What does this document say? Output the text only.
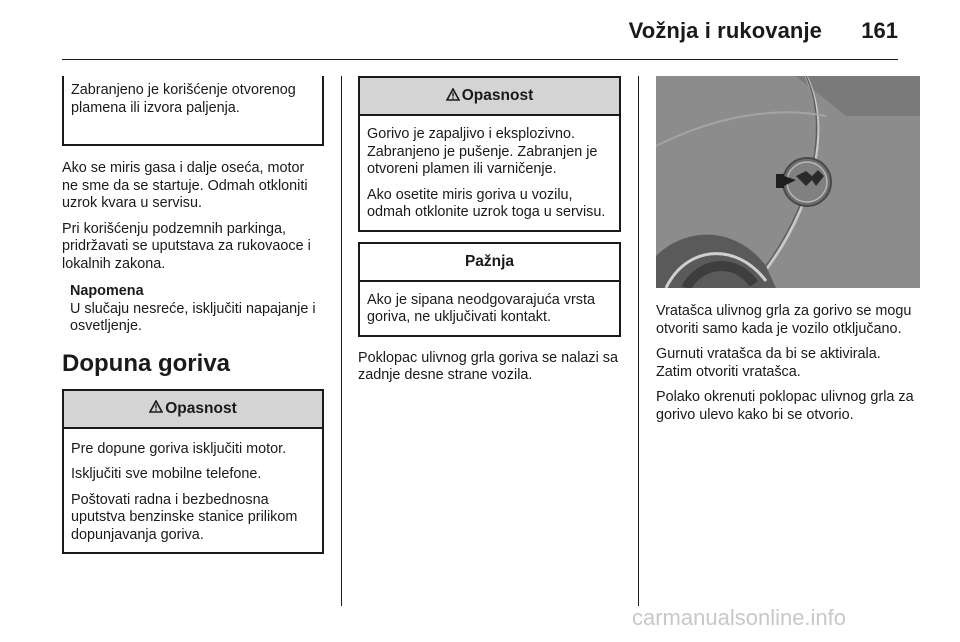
Vožnja i rukovanje 161

Zabranjeno je korišćenje otvorenog plamena ili izvora paljenja.

Ako se miris gasa i dalje oseća, motor ne sme da se startuje. Odmah otkloniti uzrok kvara u servisu.

Pri korišćenju podzemnih parkinga, pridržavati se uputstava za rukovaoce i lokalnih zakona.

Napomena

U slučaju nesreće, isključiti napajanje i osvetljenje.

Dopuna goriva
Opasnost

Pre dopune goriva isključiti motor.

Isključiti sve mobilne telefone.

Poštovati radna i bezbednosna uputstva benzinske stanice prilikom dopunjavanja goriva.

Opasnost

Gorivo je zapaljivo i eksplozivno. Zabranjeno je pušenje. Zabranjen je otvoreni plamen ili varničenje.

Ako osetite miris goriva u vozilu, odmah otklonite uzrok toga u servisu.

Pažnja

Ako je sipana neodgovarajuća vrsta goriva, ne uključivati kontakt.

Poklopac ulivnog grla goriva se nalazi sa zadnje desne strane vozila.

Vratašca ulivnog grla za gorivo se mogu otvoriti samo kada je vozilo otključano.

Gurnuti vratašca da bi se aktivirala. Zatim otvoriti vratašca.

Polako okrenuti poklopac ulivnog grla za gorivo ulevo kako bi se otvorio.

carmanualsonline.info
